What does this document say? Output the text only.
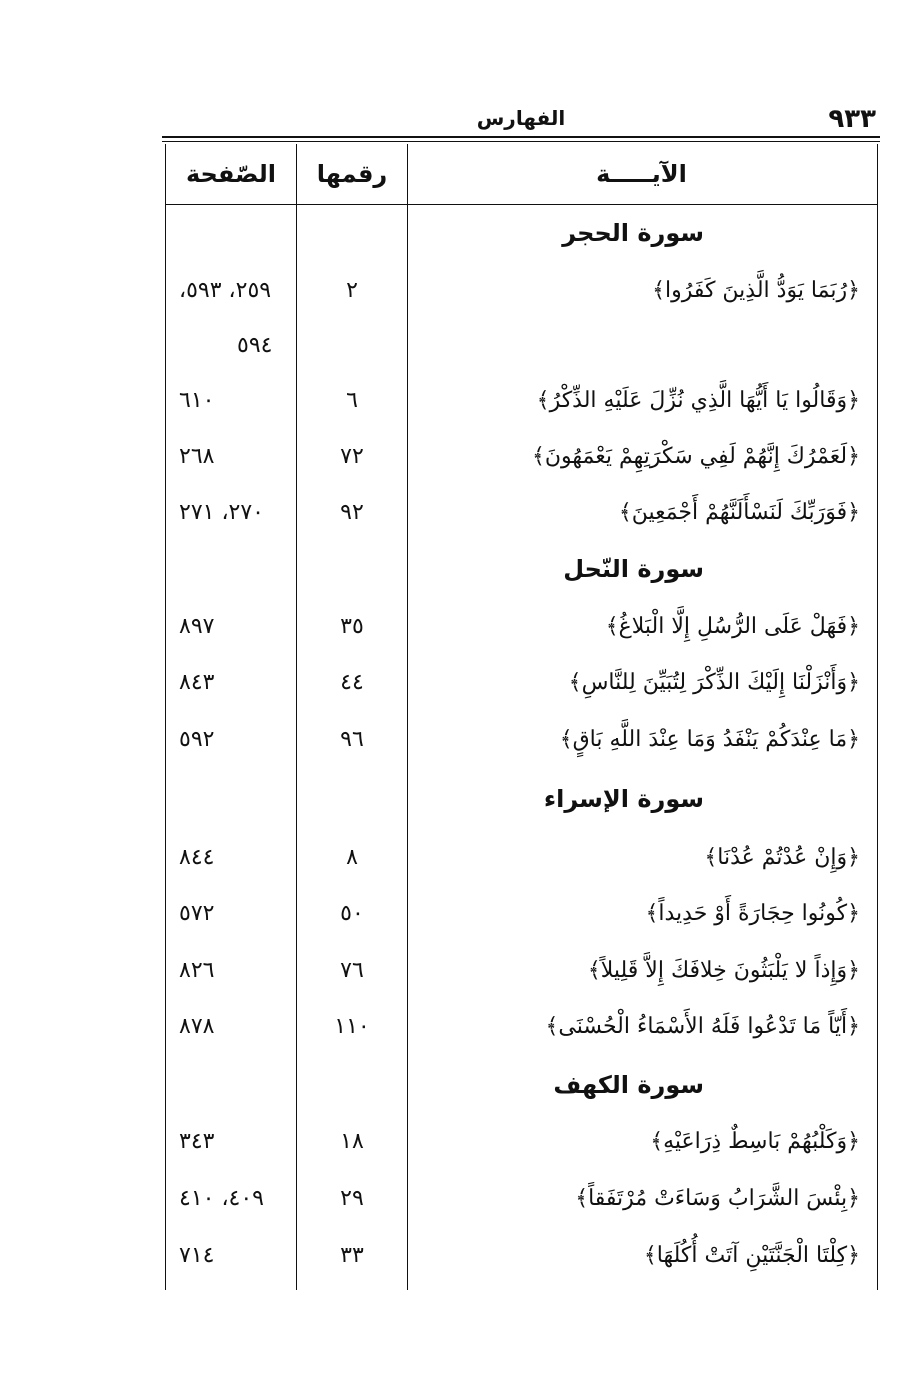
٩٣٣
الفهارس
الآيـــــة
رقمها
الصّفحة
سورة الحجر
﴿رُبَمَا يَوَدُّ الَّذِينَ كَفَرُوا﴾
٢
٢٥٩، ٥٩٣،
٥٩٤
﴿وَقَالُوا يَا أَيُّهَا الَّذِي نُزِّلَ عَلَيْهِ الذِّكْرُ﴾
٦
٦١٠
﴿لَعَمْرُكَ إِنَّهُمْ لَفِي سَكْرَتِهِمْ يَعْمَهُونَ﴾
٧٢
٢٦٨
﴿فَوَرَبِّكَ لَنَسْأَلَنَّهُمْ أَجْمَعِينَ﴾
٩٢
٢٧٠، ٢٧١
سورة النّحل
﴿فَهَلْ عَلَى الرُّسُلِ إِلَّا الْبَلاغُ﴾
٣٥
٨٩٧
﴿وَأَنْزَلْنَا إِلَيْكَ الذِّكْرَ لِتُبَيِّنَ لِلنَّاسِ﴾
٤٤
٨٤٣
﴿مَا عِنْدَكُمْ يَنْفَدُ وَمَا عِنْدَ اللَّهِ بَاقٍ﴾
٩٦
٥٩٢
سورة الإسراء
﴿وَإِنْ عُدْتُمْ عُدْنَا﴾
٨
٨٤٤
﴿كُونُوا حِجَارَةً أَوْ حَدِيداً﴾
٥٠
٥٧٢
﴿وَإِذاً لا يَلْبَثُونَ خِلافَكَ إِلاَّ قَلِيلاً﴾
٧٦
٨٢٦
﴿أَيّاً مَا تَدْعُوا فَلَهُ الأَسْمَاءُ الْحُسْنَى﴾
١١٠
٨٧٨
سورة الكهف
﴿وَكَلْبُهُمْ بَاسِطٌ ذِرَاعَيْهِ﴾
١٨
٣٤٣
﴿بِئْسَ الشَّرَابُ وَسَاءَتْ مُرْتَفَقاً﴾
٢٩
٤٠٩، ٤١٠
﴿كِلْتَا الْجَنَّتَيْنِ آتَتْ أُكُلَهَا﴾
٣٣
٧١٤
